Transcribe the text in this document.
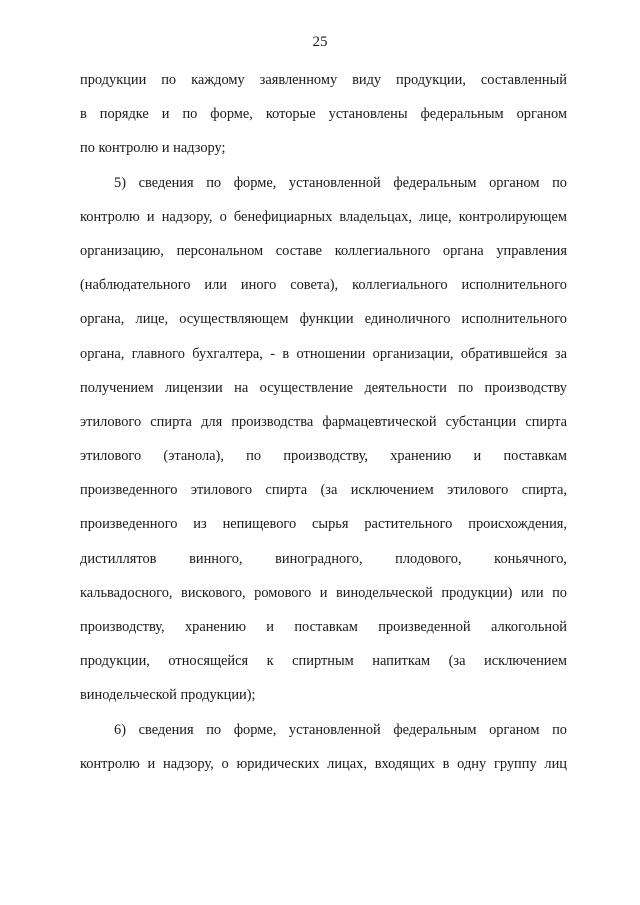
25
продукции по каждому заявленному виду продукции, составленный
в порядке и по форме, которые установлены федеральным органом
по контролю и надзору;
5) сведения по форме, установленной федеральным органом по
контролю и надзору, о бенефициарных владельцах, лице, контролирующем
организацию, персональном составе коллегиального органа управления
(наблюдательного или иного совета), коллегиального исполнительного
органа, лице, осуществляющем функции единоличного исполнительного
органа, главного бухгалтера, - в отношении организации, обратившейся за
получением лицензии на осуществление деятельности по производству
этилового спирта для производства фармацевтической субстанции спирта
этилового (этанола), по производству, хранению и поставкам
произведенного этилового спирта (за исключением этилового спирта,
произведенного из непищевого сырья растительного происхождения,
дистиллятов винного, виноградного, плодового, коньячного,
кальвадосного, вискового, ромового и винодельческой продукции) или по
производству, хранению и поставкам произведенной алкогольной
продукции, относящейся к спиртным напиткам (за исключением
винодельческой продукции);
6) сведения по форме, установленной федеральным органом по
контролю и надзору, о юридических лицах, входящих в одну группу лиц
